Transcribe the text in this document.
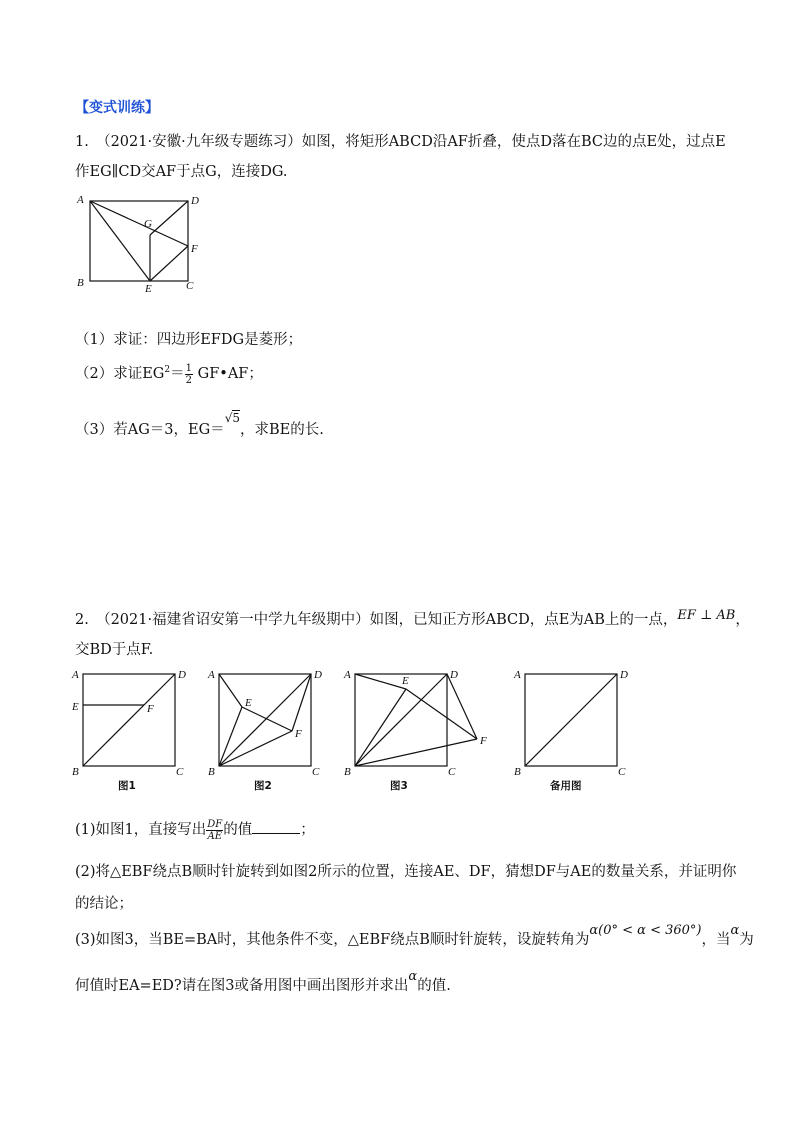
【变式训练】
1.　（2021·安徽·九年级专题练习）如图，将矩形ABCD沿AF折叠，使点D落在BC边的点E处，过点E
作EG∥CD交AF于点G，连接DG.
A	D
G
F
B	E	C
（1）求证：四边形EFDG是菱形；
（2）求证$EG^2= \frac{1}{2}$ GF•AF；
（3）若AG＝3，EG＝$^{√5}$，求BE的长.
2.　（2021·福建省诏安第一中学九年级期中）如图，已知正方形ABCD，点E为AB上的一点，EF ⊥ AB，
交BD于点F.
A	D
E	F
B	C
图1
A	D
E
F
B	C
图2
A	D
E
F
B	C
图3
A	D
B	C
备用图
(1)如图1，直接写出 $\frac{DF}{AE}$ 的值	；
(2)将△EBF绕点B顺时针旋转到如图2所示的位置，连接AE、DF，猜想DF与AE的数量关系，并证明你
的结论；
(3)如图3，当BE=BA时，其他条件不变，△EBF绕点B顺时针旋转，设旋转角为α(0° < α < 360°)，当α为
何值时EA=ED?请在图3或备用图中画出图形并求出α的值.
